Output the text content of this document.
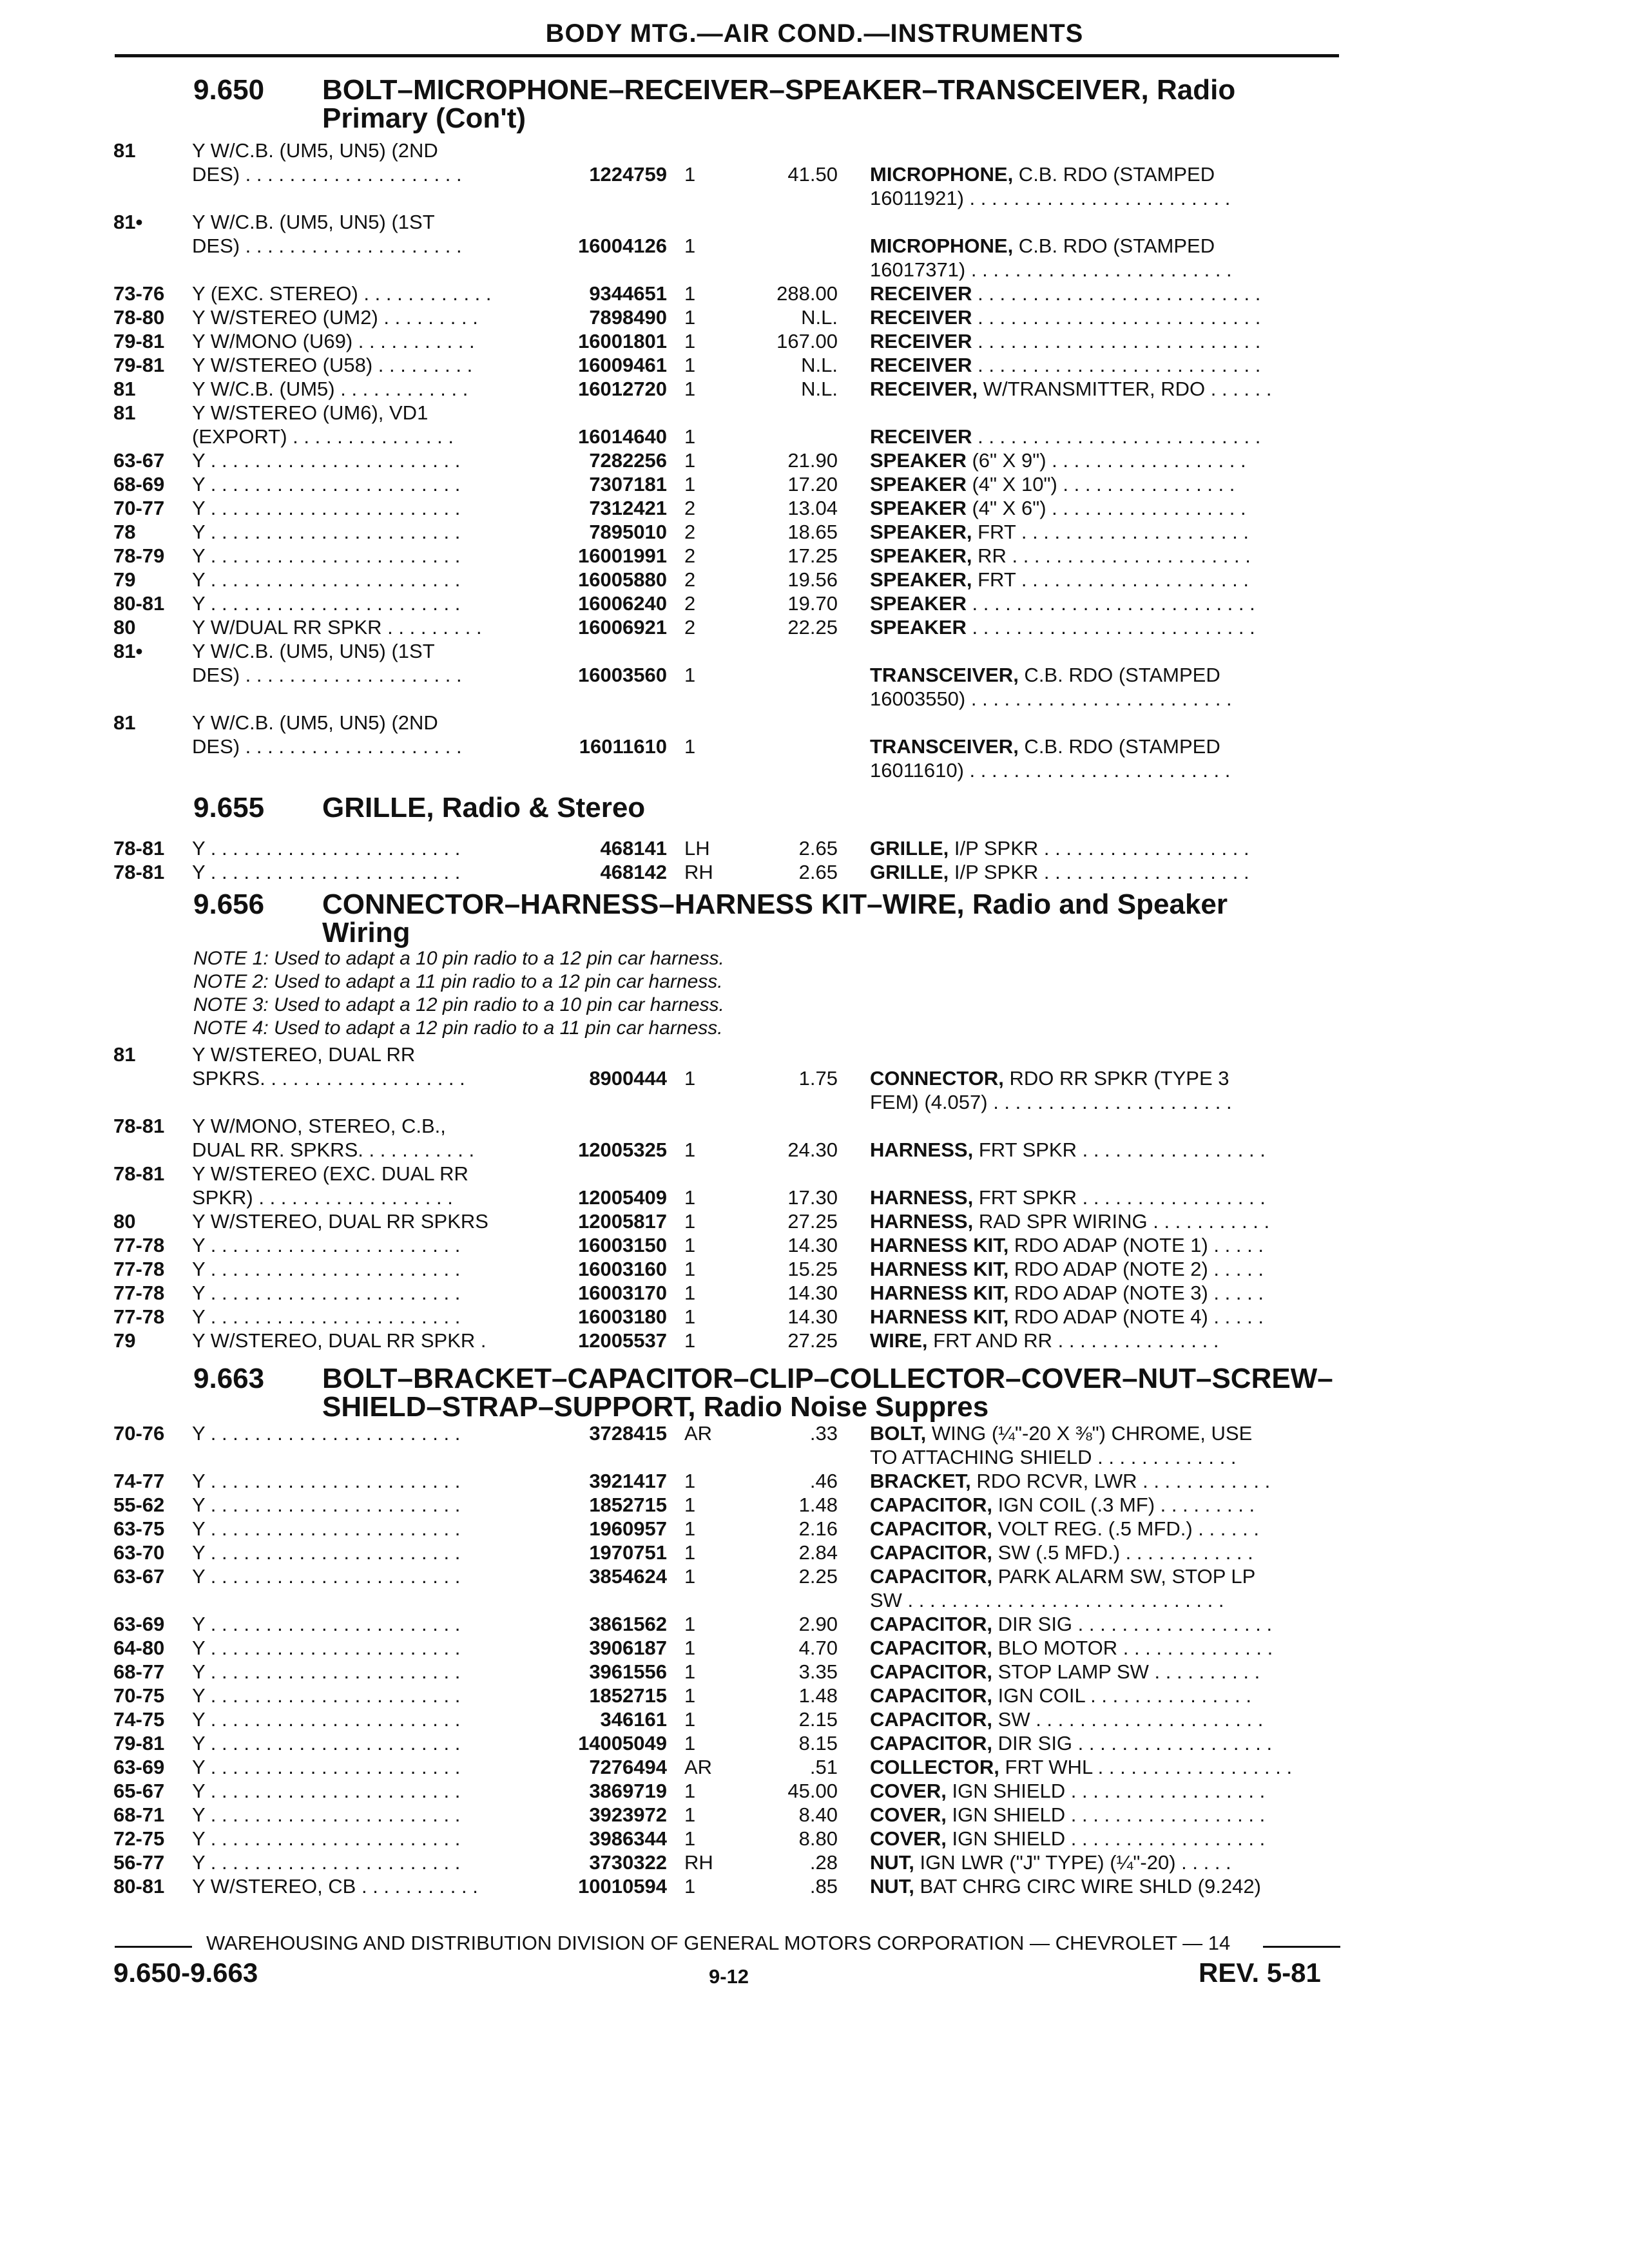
BODY MTG.—AIR COND.—INSTRUMENTS
9.650 BOLT–MICROPHONE–RECEIVER–SPEAKER–TRANSCEIVER, Radio
Primary (Con't)
9.655 GRILLE, Radio & Stereo
9.656 CONNECTOR–HARNESS–HARNESS KIT–WIRE, Radio and Speaker
Wiring
NOTE 1: Used to adapt a 10 pin radio to a 12 pin car harness.
NOTE 2: Used to adapt a 11 pin radio to a 12 pin car harness.
NOTE 3: Used to adapt a 12 pin radio to a 10 pin car harness.
NOTE 4: Used to adapt a 12 pin radio to a 11 pin car harness.
9.663 BOLT–BRACKET–CAPACITOR–CLIP–COLLECTOR–COVER–NUT–SCREW–
SHIELD–STRAP–SUPPORT, Radio Noise Suppres
81	Y W/C.B. (UM5, UN5) (2ND
DES) . . . . . . . . . . . . . . . . . . . .	1224759 1	41.50 MICROPHONE, C.B. RDO (STAMPED
16011921) . . . . . . . . . . . . . . . . . . . . . . . .
81•	Y W/C.B. (UM5, UN5) (1ST
DES) . . . . . . . . . . . . . . . . . . . .	16004126 1	MICROPHONE, C.B. RDO (STAMPED
16017371) . . . . . . . . . . . . . . . . . . . . . . . .
73-76	Y (EXC. STEREO) . . . . . . . . . . . .	9344651 1	288.00 RECEIVER . . . . . . . . . . . . . . . . . . . . . . . . . .
78-80	Y W/STEREO (UM2) . . . . . . . . .	7898490 1	N.L. RECEIVER . . . . . . . . . . . . . . . . . . . . . . . . . .
79-81	Y W/MONO (U69) . . . . . . . . . . .	16001801 1	167.00 RECEIVER . . . . . . . . . . . . . . . . . . . . . . . . . .
79-81	Y W/STEREO (U58) . . . . . . . . .	16009461 1	N.L. RECEIVER . . . . . . . . . . . . . . . . . . . . . . . . . .
81	Y W/C.B. (UM5) . . . . . . . . . . . .	16012720 1	N.L. RECEIVER, W/TRANSMITTER, RDO . . . . . .
81	Y W/STEREO (UM6), VD1
(EXPORT) . . . . . . . . . . . . . . .	16014640 1	RECEIVER . . . . . . . . . . . . . . . . . . . . . . . . . .
63-67	Y . . . . . . . . . . . . . . . . . . . . . . .	7282256 1	21.90 SPEAKER (6" X 9") . . . . . . . . . . . . . . . . . .
68-69	Y . . . . . . . . . . . . . . . . . . . . . . .	7307181 1	17.20 SPEAKER (4" X 10") . . . . . . . . . . . . . . . .
70-77	Y . . . . . . . . . . . . . . . . . . . . . . .	7312421 2	13.04 SPEAKER (4" X 6") . . . . . . . . . . . . . . . . . .
78	Y . . . . . . . . . . . . . . . . . . . . . . .	7895010 2	18.65 SPEAKER, FRT . . . . . . . . . . . . . . . . . . . . .
78-79	Y . . . . . . . . . . . . . . . . . . . . . . .	16001991 2	17.25 SPEAKER, RR . . . . . . . . . . . . . . . . . . . . . .
79	Y . . . . . . . . . . . . . . . . . . . . . . .	16005880 2	19.56 SPEAKER, FRT . . . . . . . . . . . . . . . . . . . . .
80-81	Y . . . . . . . . . . . . . . . . . . . . . . .	16006240 2	19.70 SPEAKER . . . . . . . . . . . . . . . . . . . . . . . . . .
80	Y W/DUAL RR SPKR . . . . . . . . .	16006921 2	22.25 SPEAKER . . . . . . . . . . . . . . . . . . . . . . . . . .
81•	Y W/C.B. (UM5, UN5) (1ST
DES) . . . . . . . . . . . . . . . . . . . .	16003560 1	TRANSCEIVER, C.B. RDO (STAMPED
16003550) . . . . . . . . . . . . . . . . . . . . . . . .
81	Y W/C.B. (UM5, UN5) (2ND
DES) . . . . . . . . . . . . . . . . . . . .	16011610 1	TRANSCEIVER, C.B. RDO (STAMPED
16011610) . . . . . . . . . . . . . . . . . . . . . . . .
78-81	Y . . . . . . . . . . . . . . . . . . . . . . .	468141 LH	2.65 GRILLE, I/P SPKR . . . . . . . . . . . . . . . . . . .
78-81	Y . . . . . . . . . . . . . . . . . . . . . . .	468142 RH	2.65 GRILLE, I/P SPKR . . . . . . . . . . . . . . . . . . .
81	Y W/STEREO, DUAL RR
SPKRS. . . . . . . . . . . . . . . . . . .	8900444 1	1.75 CONNECTOR, RDO RR SPKR (TYPE 3
FEM) (4.057) . . . . . . . . . . . . . . . . . . . . . .
78-81	Y W/MONO, STEREO, C.B.,
DUAL RR. SPKRS. . . . . . . . . . .	12005325 1	24.30 HARNESS, FRT SPKR . . . . . . . . . . . . . . . . .
78-81	Y W/STEREO (EXC. DUAL RR
SPKR) . . . . . . . . . . . . . . . . . .	12005409 1	17.30 HARNESS, FRT SPKR . . . . . . . . . . . . . . . . .
80	Y W/STEREO, DUAL RR SPKRS	12005817 1	27.25 HARNESS, RAD SPR WIRING . . . . . . . . . . .
77-78	Y . . . . . . . . . . . . . . . . . . . . . . .	16003150 1	14.30 HARNESS KIT, RDO ADAP (NOTE 1) . . . . .
77-78	Y . . . . . . . . . . . . . . . . . . . . . . .	16003160 1	15.25 HARNESS KIT, RDO ADAP (NOTE 2) . . . . .
77-78	Y . . . . . . . . . . . . . . . . . . . . . . .	16003170 1	14.30 HARNESS KIT, RDO ADAP (NOTE 3) . . . . .
77-78	Y . . . . . . . . . . . . . . . . . . . . . . .	16003180 1	14.30 HARNESS KIT, RDO ADAP (NOTE 4) . . . . .
79	Y W/STEREO, DUAL RR SPKR .	12005537 1	27.25 WIRE, FRT AND RR . . . . . . . . . . . . . . .
70-76	Y . . . . . . . . . . . . . . . . . . . . . . .	3728415 AR	.33 BOLT, WING (¼"-20 X ⅜") CHROME, USE
TO ATTACHING SHIELD . . . . . . . . . . . . .
74-77	Y . . . . . . . . . . . . . . . . . . . . . . .	3921417 1	.46 BRACKET, RDO RCVR, LWR . . . . . . . . . . . .
55-62	Y . . . . . . . . . . . . . . . . . . . . . . .	1852715 1	1.48 CAPACITOR, IGN COIL (.3 MF) . . . . . . . . .
63-75	Y . . . . . . . . . . . . . . . . . . . . . . .	1960957 1	2.16 CAPACITOR, VOLT REG. (.5 MFD.) . . . . . .
63-70	Y . . . . . . . . . . . . . . . . . . . . . . .	1970751 1	2.84 CAPACITOR, SW (.5 MFD.) . . . . . . . . . . . .
63-67	Y . . . . . . . . . . . . . . . . . . . . . . .	3854624 1	2.25 CAPACITOR, PARK ALARM SW, STOP LP
SW . . . . . . . . . . . . . . . . . . . . . . . . . . . . .
63-69	Y . . . . . . . . . . . . . . . . . . . . . . .	3861562 1	2.90 CAPACITOR, DIR SIG . . . . . . . . . . . . . . . . . .
64-80	Y . . . . . . . . . . . . . . . . . . . . . . .	3906187 1	4.70 CAPACITOR, BLO MOTOR . . . . . . . . . . . . . .
68-77	Y . . . . . . . . . . . . . . . . . . . . . . .	3961556 1	3.35 CAPACITOR, STOP LAMP SW . . . . . . . . . .
70-75	Y . . . . . . . . . . . . . . . . . . . . . . .	1852715 1	1.48 CAPACITOR, IGN COIL . . . . . . . . . . . . . . .
74-75	Y . . . . . . . . . . . . . . . . . . . . . . .	346161 1	2.15 CAPACITOR, SW . . . . . . . . . . . . . . . . . . . . .
79-81	Y . . . . . . . . . . . . . . . . . . . . . . .	14005049 1	8.15 CAPACITOR, DIR SIG . . . . . . . . . . . . . . . . . .
63-69	Y . . . . . . . . . . . . . . . . . . . . . . .	7276494 AR	.51 COLLECTOR, FRT WHL . . . . . . . . . . . . . . . . . .
65-67	Y . . . . . . . . . . . . . . . . . . . . . . .	3869719 1	45.00 COVER, IGN SHIELD . . . . . . . . . . . . . . . . . .
68-71	Y . . . . . . . . . . . . . . . . . . . . . . .	3923972 1	8.40 COVER, IGN SHIELD . . . . . . . . . . . . . . . . . .
72-75	Y . . . . . . . . . . . . . . . . . . . . . . .	3986344 1	8.80 COVER, IGN SHIELD . . . . . . . . . . . . . . . . . .
56-77	Y . . . . . . . . . . . . . . . . . . . . . . .	3730322 RH	.28 NUT, IGN LWR ("J" TYPE) (¼"-20) . . . . .
80-81	Y W/STEREO, CB . . . . . . . . . . .	10010594 1	.85 NUT, BAT CHRG CIRC WIRE SHLD (9.242)
WAREHOUSING AND DISTRIBUTION DIVISION OF GENERAL MOTORS CORPORATION — CHEVROLET — 14
9.650-9.663	9-12	REV. 5-81
